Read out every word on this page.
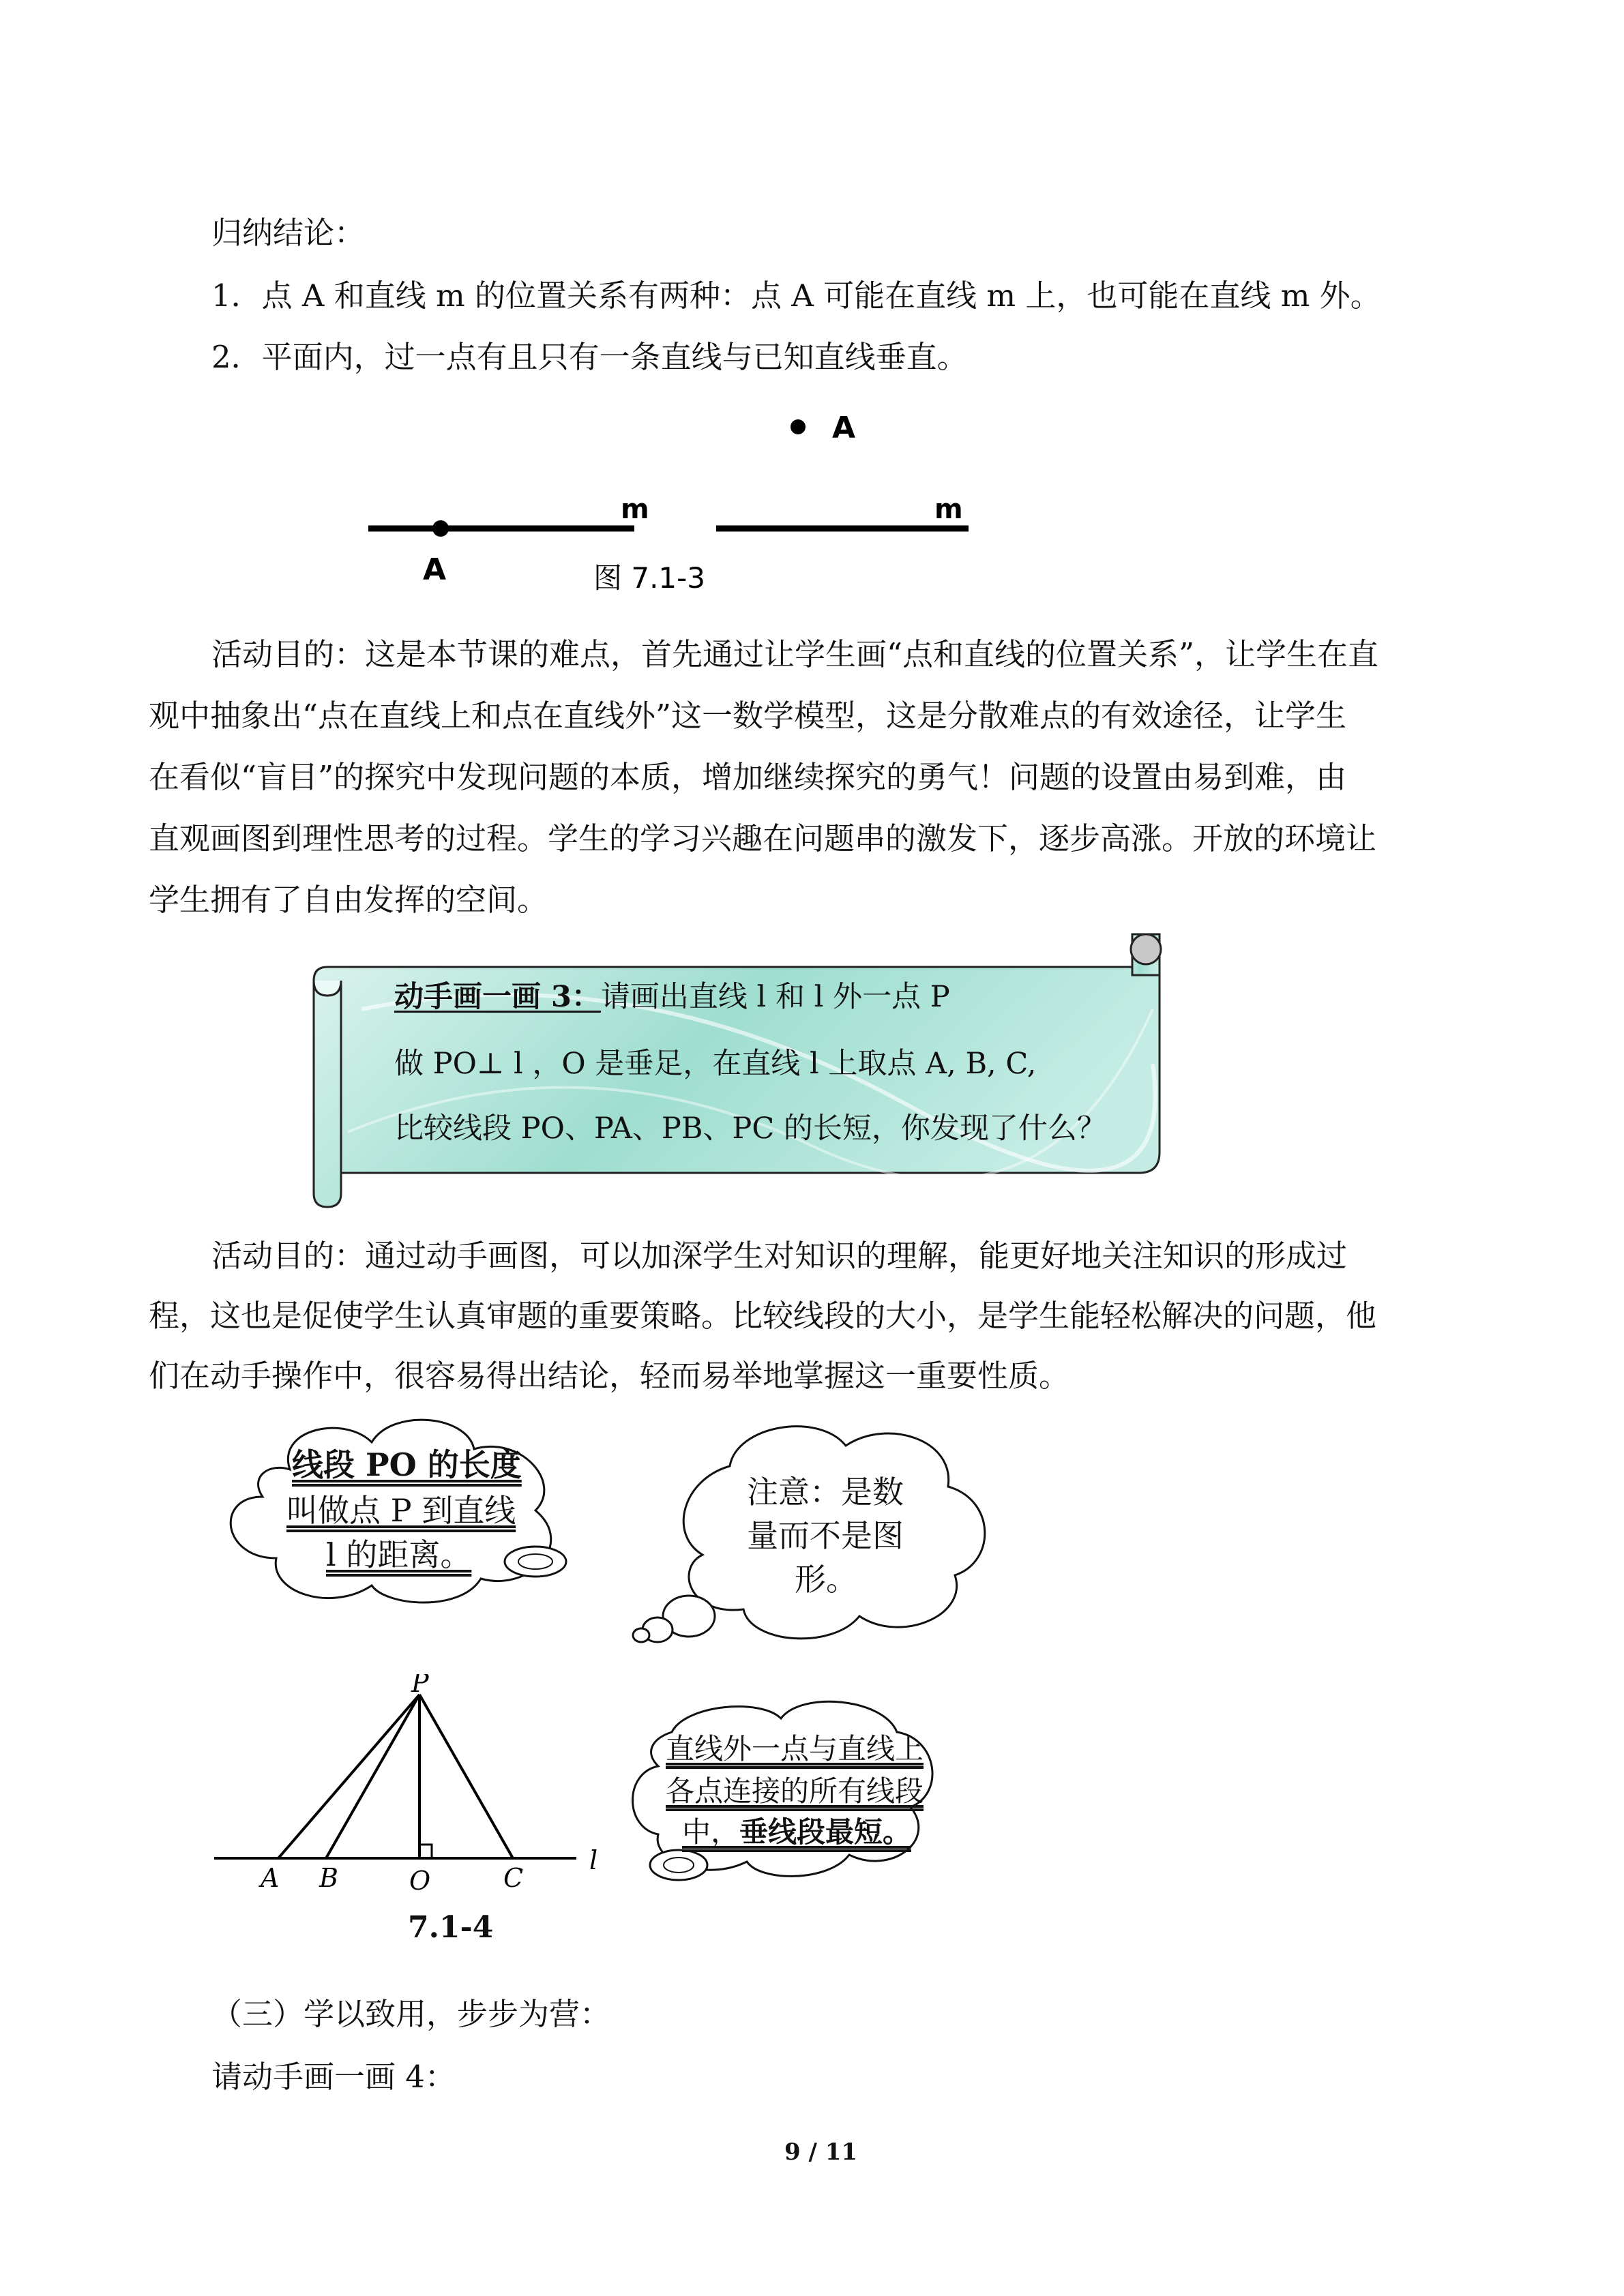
归纳结论：
1．点 A 和直线 m 的位置关系有两种：点 A 可能在直线 m 上，也可能在直线 m 外。
2．平面内，过一点有且只有一条直线与已知直线垂直。
A
m
A
m
图 7.1-3
活动目的：这是本节课的难点，首先通过让学生画“点和直线的位置关系”，让学生在直
观中抽象出“点在直线上和点在直线外”这一数学模型，这是分散难点的有效途径，让学生
在看似“盲目”的探究中发现问题的本质，增加继续探究的勇气！问题的设置由易到难，由
直观画图到理性思考的过程。学生的学习兴趣在问题串的激发下，逐步高涨。开放的环境让
学生拥有了自由发挥的空间。
动手画一画 3：请画出直线 l 和 l 外一点 P
做 PO⊥ l ，O 是垂足，在直线 l 上取点 A, B, C,
比较线段 PO、PA、PB、PC 的长短，你发现了什么？
活动目的：通过动手画图，可以加深学生对知识的理解，能更好地关注知识的形成过
程，这也是促使学生认真审题的重要策略。比较线段的大小，是学生能轻松解决的问题，他
们在动手操作中，很容易得出结论，轻而易举地掌握这一重要性质。
线段 PO 的长度
叫做点 P 到直线
l 的距离。
注意：是数
量而不是图
形。
P
A B	O	C
l
7.1-4
直线外一点与直线上
各点连接的所有线段
中，垂线段最短。
（三）学以致用，步步为营：
请动手画一画 4：
9 / 11
